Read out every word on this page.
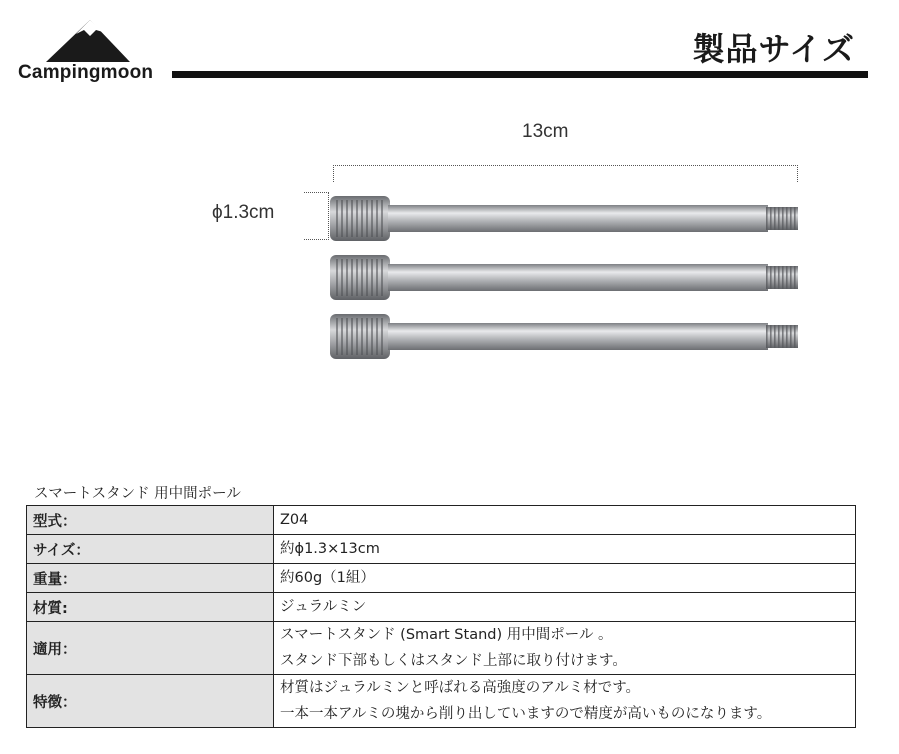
Campingmoon
製品サイズ
13cm
ϕ1.3cm
スマートスタンド 用中間ポール
型式：	Z04

サイズ：	約ϕ1.3×13cm

重量：	約60g（1組）

材質:	ジュラルミン

適用：	スマートスタンド (Smart Stand) 用中間ポール 。
スタンド下部もしくはスタンド上部に取り付けます。

特徴：	材質はジュラルミンと呼ばれる高強度のアルミ材です。
一本一本アルミの塊から削り出していますので精度が高いものになります。
